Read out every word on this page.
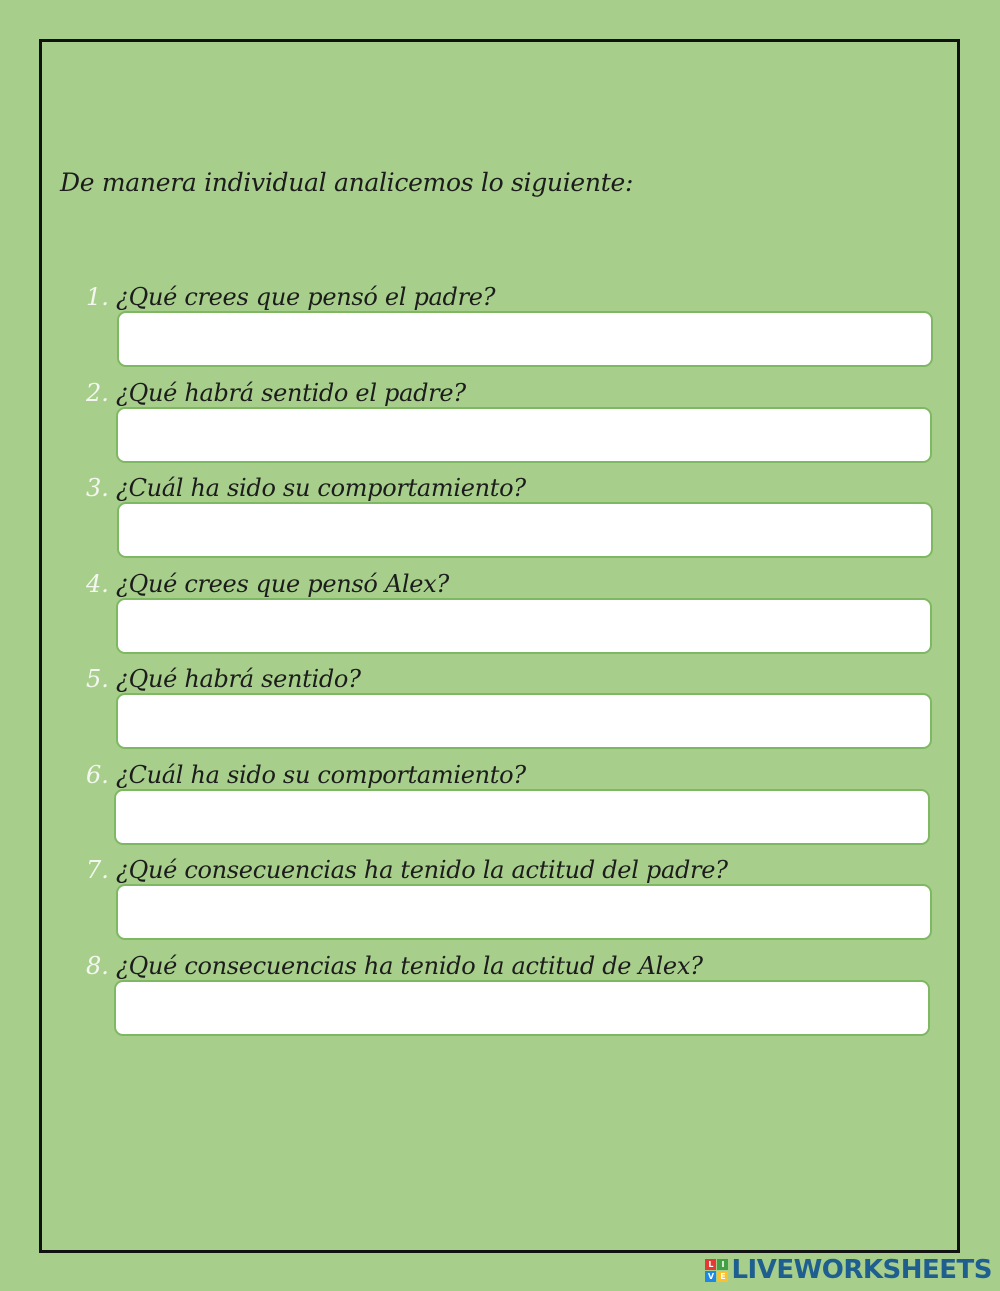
De manera individual analicemos lo siguiente:
1. ¿Qué crees que pensó el padre?
2. ¿Qué habrá sentido el padre?
3. ¿Cuál ha sido su comportamiento?
4. ¿Qué crees que pensó Alex?
5. ¿Qué habrá sentido?
6. ¿Cuál ha sido su comportamiento?
7. ¿Qué consecuencias ha tenido la actitud del padre?
8. ¿Qué consecuencias ha tenido la actitud de Alex?
L I
V E LIVEWORKSHEETS
